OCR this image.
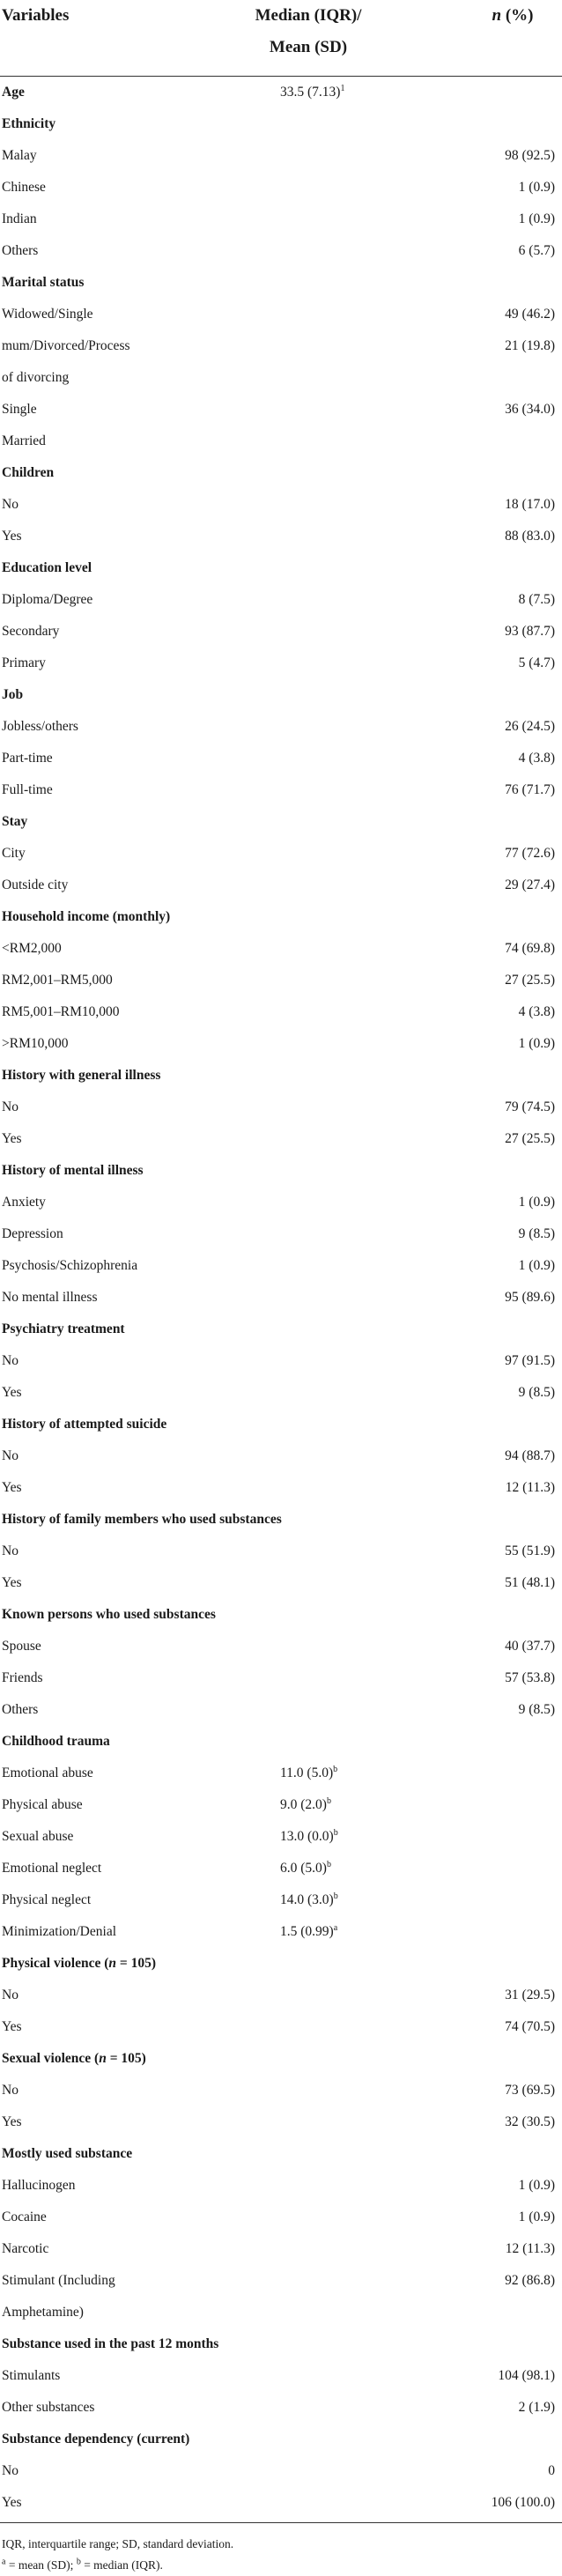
Variables	Median (IQR)/
Mean (SD)
n (%)
Age	33.5 $(7.13)^1$
Ethnicity
Malay	98 (92.5)
Chinese	1 (0.9)
Indian	1 (0.9)
Others	6 (5.7)
Marital status
Widowed/Single	49 (46.2)
mum/Divorced/Process	21 (19.8)
of divorcing
Single	36 (34.0)
Married
Children
No	18 (17.0)
Yes	88 (83.0)
Education level
Diploma/Degree	8 (7.5)
Secondary	93 (87.7)
Primary	5 (4.7)
Job
Jobless/others	26 (24.5)
Part-time	4 (3.8)
Full-time	76 (71.7)
Stay
City	77 (72.6)
Outside city	29 (27.4)
Household income (monthly)
<RM2,000	74 (69.8)
RM2,001–RM5,000	27 (25.5)
RM5,001–RM10,000	4 (3.8)
>RM10,000	1 (0.9)
History with general illness
No	79 (74.5)
Yes	27 (25.5)
History of mental illness
Anxiety	1 (0.9)
Depression	9 (8.5)
Psychosis/Schizophrenia	1 (0.9)
No mental illness	95 (89.6)
Psychiatry treatment
No	97 (91.5)
Yes	9 (8.5)
History of attempted suicide
No	94 (88.7)
Yes	12 (11.3)
History of family members who used substances
No	55 (51.9)
Yes	51 (48.1)
Known persons who used substances
Spouse	40 (37.7)
Friends	57 (53.8)
Others	9 (8.5)
Childhood trauma
Emotional abuse	11.0 $(5.0)^b$
Physical abuse	9.0 $(2.0)^b$
Sexual abuse	13.0 $(0.0)^b$
Emotional neglect	6.0 $(5.0)^b$
Physical neglect	14.0 $(3.0)^b$
Minimization/Denial	1.5 $(0.99)^a$
Physical violence (n = 105)
No	31 (29.5)
Yes	74 (70.5)
Sexual violence (n = 105)
No	73 (69.5)
Yes	32 (30.5)
Mostly used substance
Hallucinogen	1 (0.9)
Cocaine	1 (0.9)
Narcotic	12 (11.3)
Stimulant (Including	92 (86.8)
Amphetamine)
Substance used in the past 12 months
Stimulants	104 (98.1)
Other substances	2 (1.9)
Substance dependency (current)
No	0
Yes	106 (100.0)
IQR, interquartile range; SD, standard deviation.
$^a$ = mean (SD); $^b$ = median (IQR).
